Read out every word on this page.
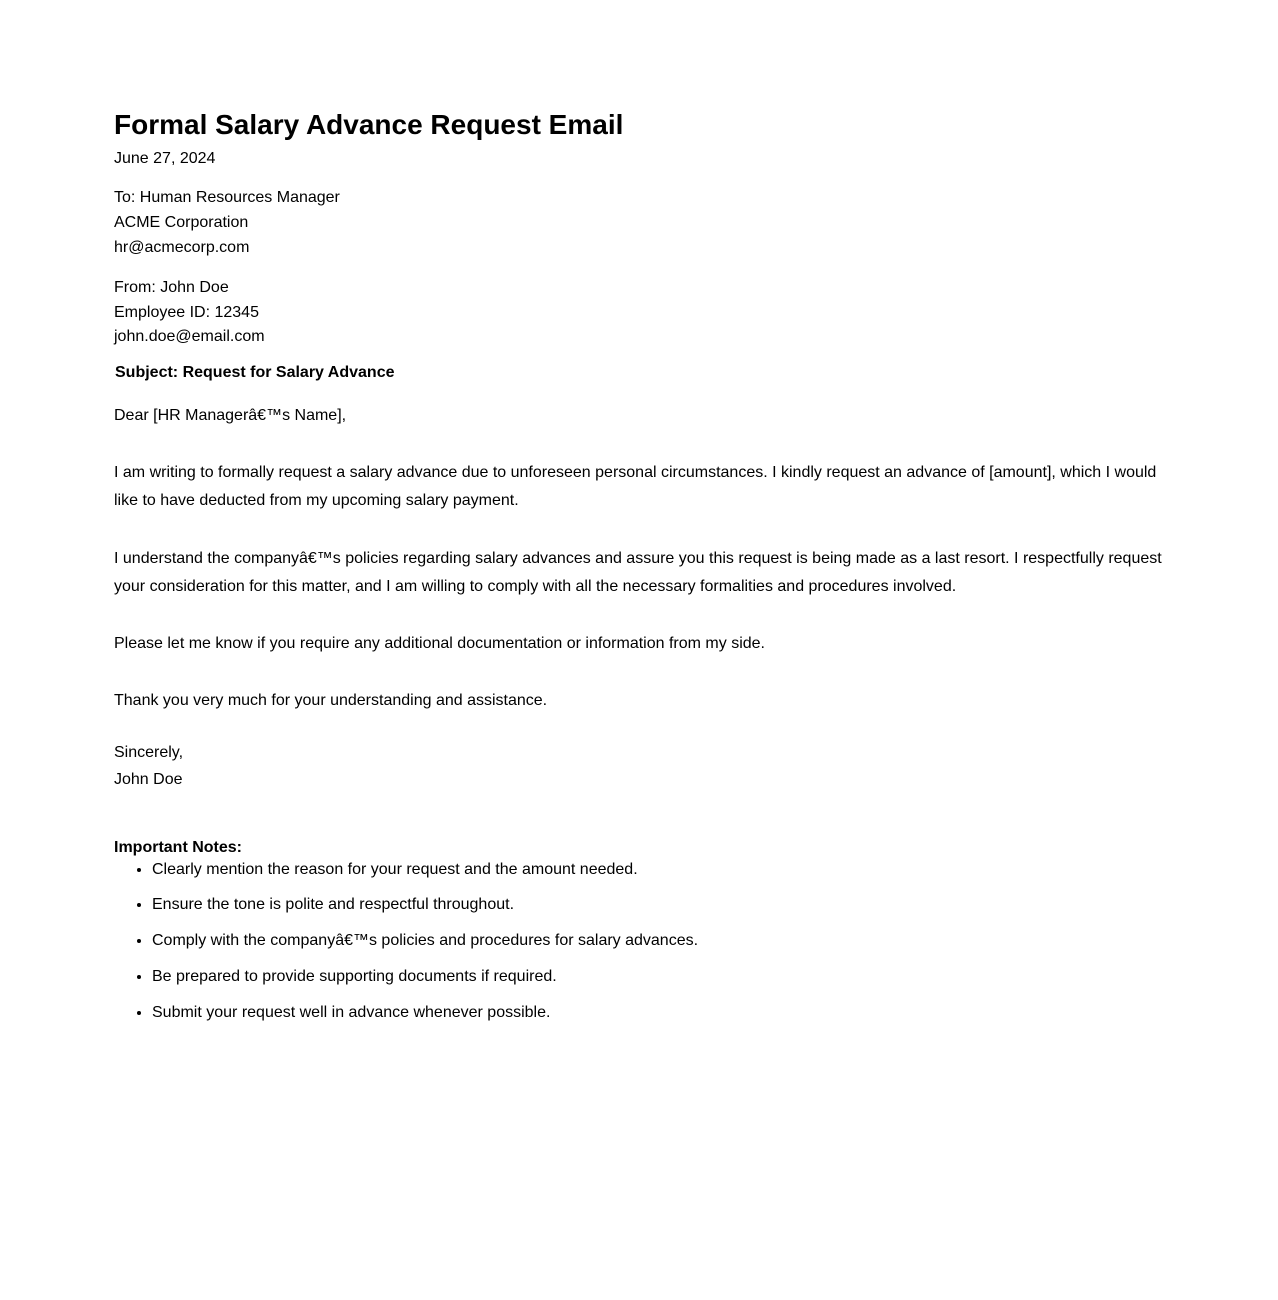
Formal Salary Advance Request Email
June 27, 2024
To: Human Resources Manager
ACME Corporation
hr@acmecorp.com
From: John Doe
Employee ID: 12345
john.doe@email.com
Subject: Request for Salary Advance
Dear [HR Managerâ€™s Name],

I am writing to formally request a salary advance due to unforeseen personal circumstances. I kindly request an advance of [amount], which I would like to have deducted from my upcoming salary payment.

I understand the companyâ€™s policies regarding salary advances and assure you this request is being made as a last resort. I respectfully request your consideration for this matter, and I am willing to comply with all the necessary formalities and procedures involved.

Please let me know if you require any additional documentation or information from my side.

Thank you very much for your understanding and assistance.

Sincerely,
John Doe
Important Notes:
• Clearly mention the reason for your request and the amount needed.
• Ensure the tone is polite and respectful throughout.
• Comply with the companyâ€™s policies and procedures for salary advances.
• Be prepared to provide supporting documents if required.
• Submit your request well in advance whenever possible.
